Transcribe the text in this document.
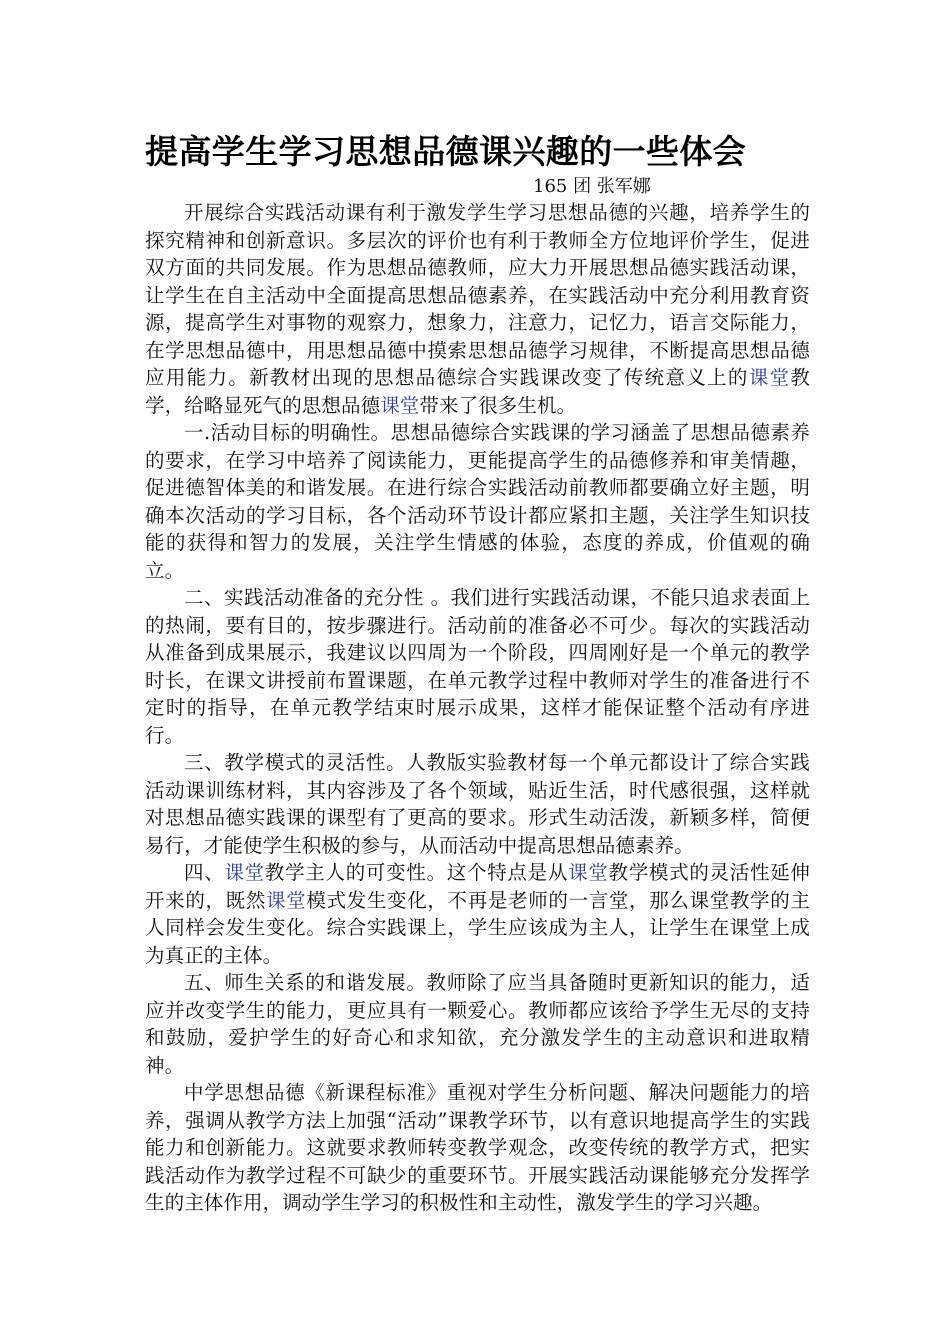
提高学生学习思想品德课兴趣的一些体会
165 团 张军娜

开展综合实践活动课有利于激发学生学习思想品德的兴趣，培养学生的探究精神和创新意识。多层次的评价也有利于教师全方位地评价学生，促进双方面的共同发展。作为思想品德教师，应大力开展思想品德实践活动课，让学生在自主活动中全面提高思想品德素养，在实践活动中充分利用教育资源，提高学生对事物的观察力，想象力，注意力，记忆力，语言交际能力，在学思想品德中，用思想品德中摸索思想品德学习规律，不断提高思想品德应用能力。新教材出现的思想品德综合实践课改变了传统意义上的课堂教学，给略显死气的思想品德课堂带来了很多生机。

一.活动目标的明确性。思想品德综合实践课的学习涵盖了思想品德素养的要求，在学习中培养了阅读能力，更能提高学生的品德修养和审美情趣，促进德智体美的和谐发展。在进行综合实践活动前教师都要确立好主题，明确本次活动的学习目标，各个活动环节设计都应紧扣主题，关注学生知识技能的获得和智力的发展，关注学生情感的体验，态度的养成，价值观的确立。

二、实践活动准备的充分性 。我们进行实践活动课，不能只追求表面上的热闹，要有目的，按步骤进行。活动前的准备必不可少。每次的实践活动从准备到成果展示，我建议以四周为一个阶段，四周刚好是一个单元的教学时长，在课文讲授前布置课题，在单元教学过程中教师对学生的准备进行不定时的指导，在单元教学结束时展示成果，这样才能保证整个活动有序进行。

三、教学模式的灵活性。人教版实验教材每一个单元都设计了综合实践活动课训练材料，其内容涉及了各个领域，贴近生活，时代感很强，这样就对思想品德实践课的课型有了更高的要求。形式生动活泼，新颖多样，简便易行，才能使学生积极的参与，从而活动中提高思想品德素养。

四、课堂教学主人的可变性。这个特点是从课堂教学模式的灵活性延伸开来的，既然课堂模式发生变化，不再是老师的一言堂，那么课堂教学的主人同样会发生变化。综合实践课上，学生应该成为主人，让学生在课堂上成为真正的主体。

五、师生关系的和谐发展。教师除了应当具备随时更新知识的能力，适应并改变学生的能力，更应具有一颗爱心。教师都应该给予学生无尽的支持和鼓励，爱护学生的好奇心和求知欲，充分激发学生的主动意识和进取精神。

中学思想品德《新课程标准》重视对学生分析问题、解决问题能力的培养，强调从教学方法上加强“活动”课教学环节，以有意识地提高学生的实践能力和创新能力。这就要求教师转变教学观念，改变传统的教学方式，把实践活动作为教学过程不可缺少的重要环节。开展实践活动课能够充分发挥学生的主体作用，调动学生学习的积极性和主动性，激发学生的学习兴趣。
